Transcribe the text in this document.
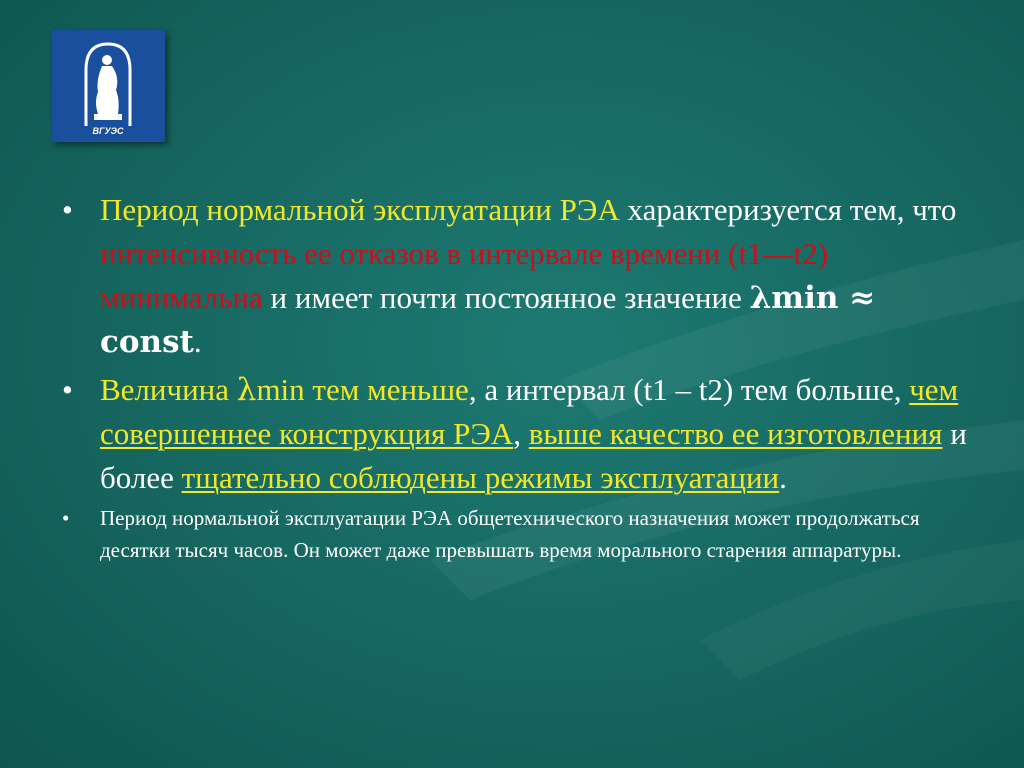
ВГУЭС
• Период нормальной эксплуатации РЭА характеризуется тем, что интенсивность ее отказов в интервале времени (t1—t2) минимальна и имеет почти постоянное значение λmin ≈ const.
• Величина λmin тем меньше, а интервал (t1 – t2) тем больше, чем совершеннее конструкция РЭА, выше качество ее изготовления и более тщательно соблюдены режимы эксплуатации.
• Период нормальной эксплуатации РЭА общетехнического назначения может продолжаться десятки тысяч часов. Он может даже превышать время морального старения аппаратуры.
